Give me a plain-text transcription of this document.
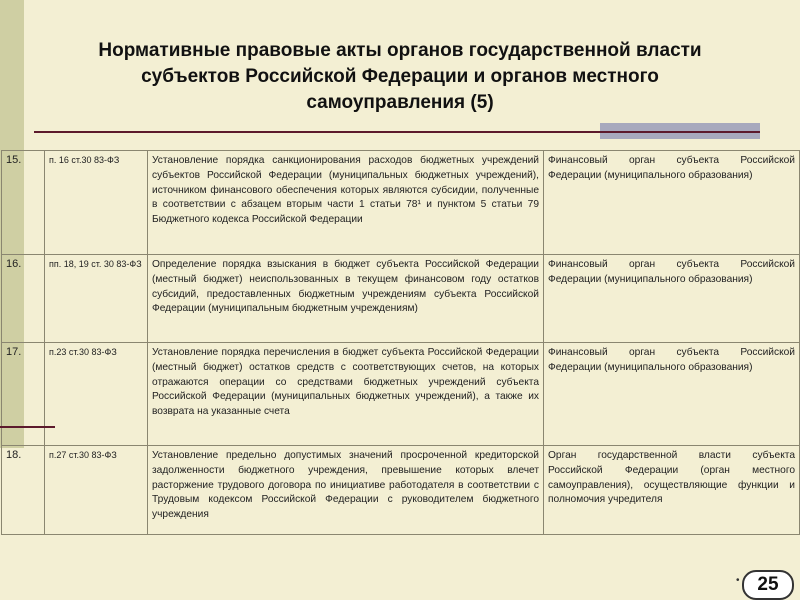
Нормативные правовые акты органов государственной власти
субъектов Российской Федерации и органов местного
самоуправления (5)
15.	п. 16 ст.30 83-ФЗ	Установление порядка санкционирования расходов бюджетных учреждений субъектов Российской Федерации (муниципальных бюджетных учреждений), источником финансового обеспечения которых являются субсидии, полученные в соответствии с абзацем вторым части 1 статьи 78¹ и пунктом 5 статьи 79 Бюджетного кодекса Российской Федерации	Финансовый орган субъекта Российской Федерации (муниципального образования)
16.	пп. 18, 19 ст. 30 83-ФЗ	Определение порядка взыскания в бюджет субъекта Российской Федерации (местный бюджет) неиспользованных в текущем финансовом году остатков субсидий, предоставленных бюджетным учреждениям субъекта Российской Федерации (муниципальным бюджетным учреждениям)	Финансовый орган субъекта Российской Федерации (муниципального образования)
17.	п.23 ст.30 83-ФЗ	Установление порядка перечисления в бюджет субъекта Российской Федерации (местный бюджет) остатков средств с соответствующих счетов, на которых отражаются операции со средствами бюджетных учреждений субъекта Российской Федерации (муниципальных бюджетных учреждений), а также их возврата на указанные счета	Финансовый орган субъекта Российской Федерации (муниципального образования)
18.	п.27 ст.30 83-ФЗ	Установление предельно допустимых значений просроченной кредиторской задолженности бюджетного учреждения, превышение которых влечет расторжение трудового договора по инициативе работодателя в соответствии с Трудовым кодексом Российской Федерации с руководителем бюджетного учреждения	Орган государственной власти субъекта Российской Федерации (орган местного самоуправления), осуществляющие функции и полномочия учредителя
• 25
